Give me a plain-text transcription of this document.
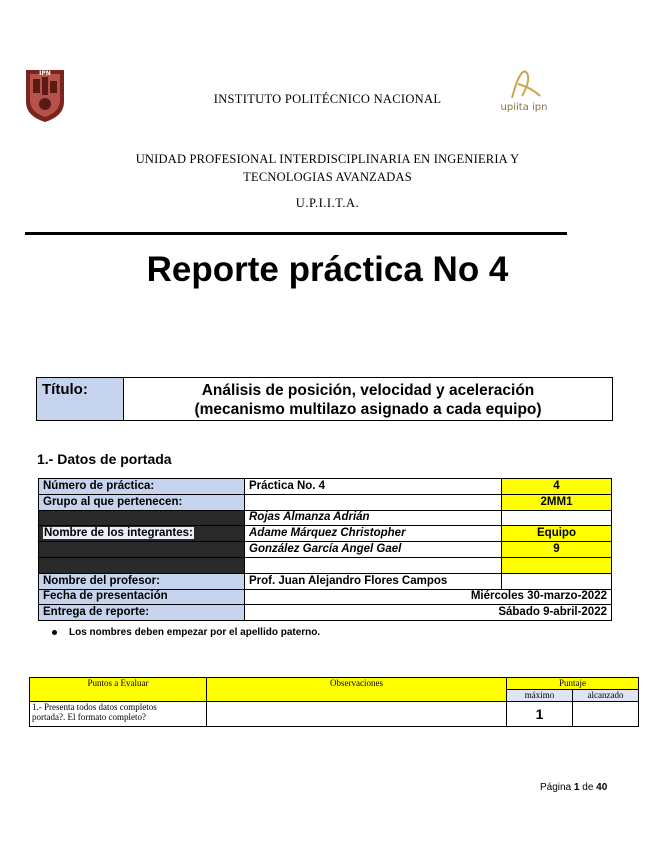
IPN
INSTITUTO POLITÉCNICO NACIONAL
upiita ipn
UNIDAD PROFESIONAL INTERDISCIPLINARIA EN INGENIERIA Y
TECNOLOGIAS AVANZADAS
U.P.I.I.T.A.
Reporte práctica No 4
Título:	Análisis de posición, velocidad y aceleración
(mecanismo multilazo asignado a cada equipo)
1.- Datos de portada
Número de práctica:	Práctica No. 4	4
Grupo al que pertenecen:		2MM1
	Rojas Almanza Adrián	
Nombre de los integrantes:	Adame Márquez Christopher	Equipo
	González García Angel Gael	9

Nombre del profesor:	Prof. Juan Alejandro Flores Campos	
Fecha de presentación	Miércoles 30-marzo-2022	
Entrega de reporte:	Sábado 9-abril-2022	
Los nombres deben empezar por el apellido paterno.
Puntos a Evaluar	Observaciones	Puntaje	
		máximo	alcanzado

1.- Presenta todos datos completos
portada?. El formato completo?		1	
Página 1 de 40
